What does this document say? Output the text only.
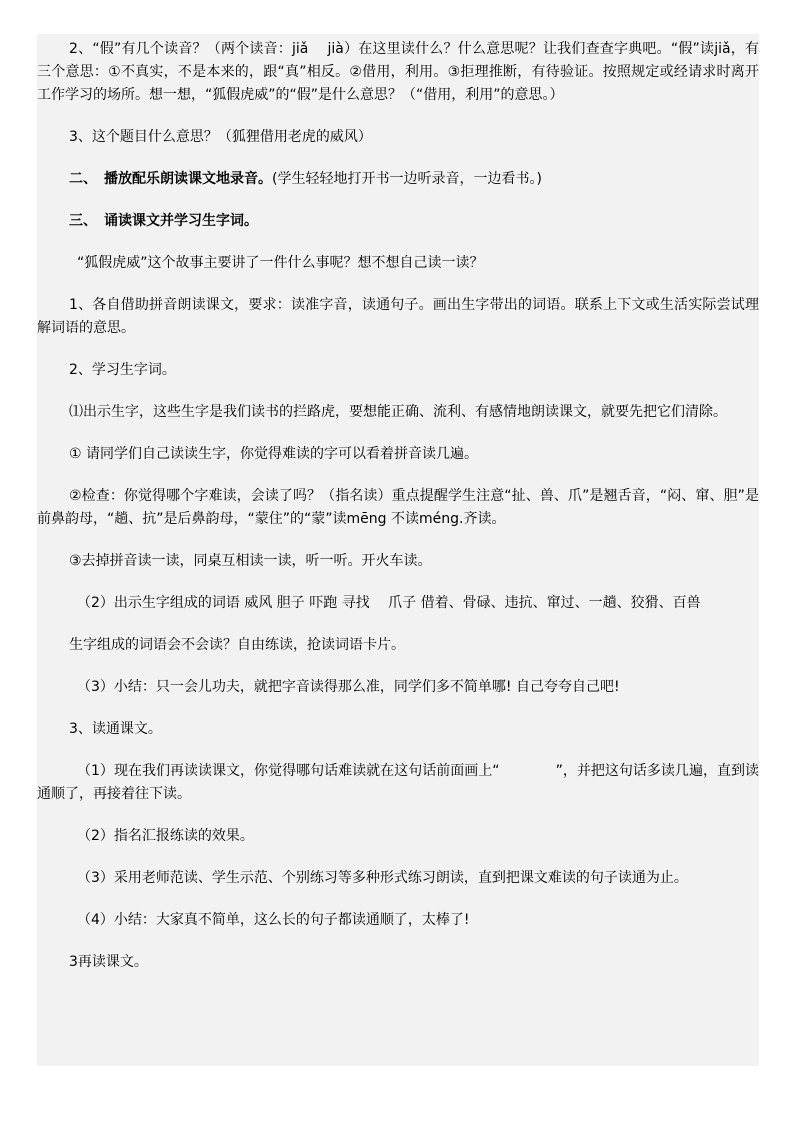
2、“假”有几个读音？（两个读音：jiǎ　 jià）在这里读什么？什么意思呢？让我们查查字典吧。“假”读jiǎ，有三个意思：①不真实，不是本来的，跟“真”相反。②借用，利用。③拒理推断，有待验证。按照规定或经请求时离开工作学习的场所。想一想，“狐假虎威”的“假”是什么意思？（“借用，利用”的意思。）

3、这个题目什么意思？（狐狸借用老虎的威风）

二、　播放配乐朗读课文地录音。(学生轻轻地打开书一边听录音，一边看书。)

三、　诵读课文并学习生字词。

“狐假虎威”这个故事主要讲了一件什么事呢？想不想自己读一读？

1、各自借助拼音朗读课文，要求：读准字音，读通句子。画出生字带出的词语。联系上下文或生活实际尝试理解词语的意思。

2、学习生字词。

⑴出示生字，这些生字是我们读书的拦路虎，要想能正确、流利、有感情地朗读课文，就要先把它们清除。

① 请同学们自己读读生字，你觉得难读的字可以看着拼音读几遍。

②检查：你觉得哪个字难读，会读了吗？（指名读）重点提醒学生注意“扯、兽、爪”是翘舌音，“闷、窜、胆”是前鼻韵母，“趟、抗”是后鼻韵母，“蒙住”的“蒙”读mēng 不读méng.齐读。

③去掉拼音读一读，同桌互相读一读，听一听。开火车读。

（2）出示生字组成的词语 威风 胆子 吓跑 寻找　 爪子 借着、骨碌、违抗、窜过、一趟、狡猾、百兽

生字组成的词语会不会读？自由练读，抢读词语卡片。

（3）小结：只一会儿功夫，就把字音读得那么准，同学们多不简单哪! 自己夸夸自己吧!

3、读通课文。

（1）现在我们再读读课文，你觉得哪句话难读就在这句话前面画上“　　　　”，并把这句话多读几遍，直到读通顺了，再接着往下读。

（2）指名汇报练读的效果。

（3）采用老师范读、学生示范、个别练习等多种形式练习朗读，直到把课文难读的句子读通为止。

（4）小结：大家真不简单，这么长的句子都读通顺了，太棒了!

3再读课文。
